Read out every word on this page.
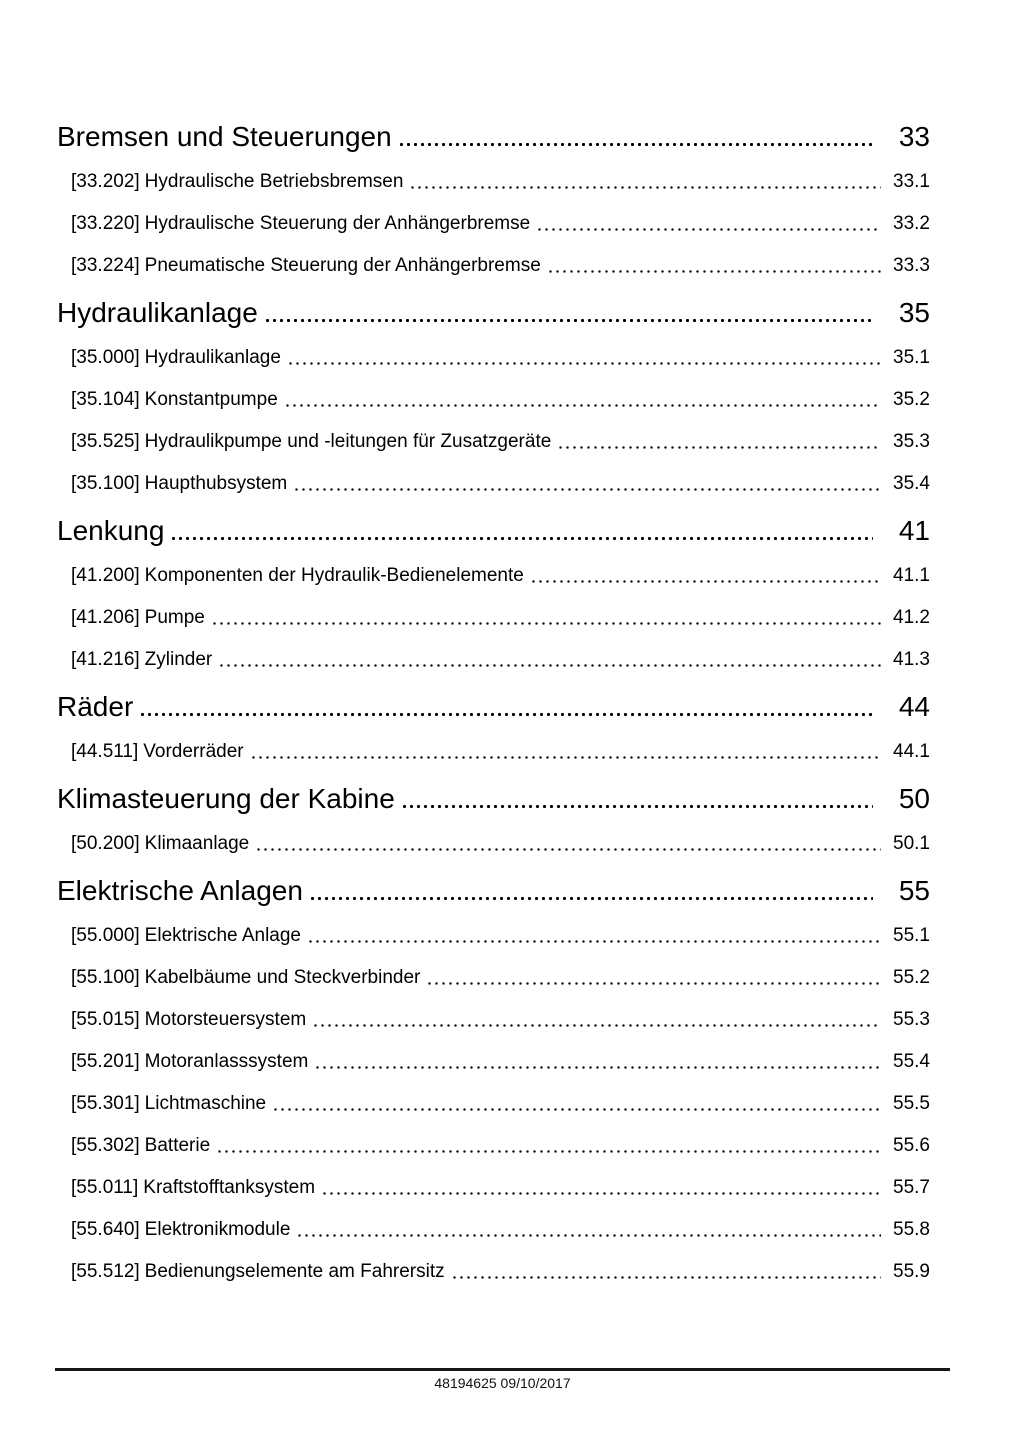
Bremsen und Steuerungen	33
[33.202] Hydraulische Betriebsbremsen	33.1
[33.220] Hydraulische Steuerung der Anhängerbremse	33.2
[33.224] Pneumatische Steuerung der Anhängerbremse	33.3
Hydraulikanlage	35
[35.000] Hydraulikanlage	35.1
[35.104] Konstantpumpe	35.2
[35.525] Hydraulikpumpe und -leitungen für Zusatzgeräte	35.3
[35.100] Haupthubsystem	35.4
Lenkung	41
[41.200] Komponenten der Hydraulik-Bedienelemente	41.1
[41.206] Pumpe	41.2
[41.216] Zylinder	41.3
Räder	44
[44.511] Vorderräder	44.1
Klimasteuerung der Kabine	50
[50.200] Klimaanlage	50.1
Elektrische Anlagen	55
[55.000] Elektrische Anlage	55.1
[55.100] Kabelbäume und Steckverbinder	55.2
[55.015] Motorsteuersystem	55.3
[55.201] Motoranlasssystem	55.4
[55.301] Lichtmaschine	55.5
[55.302] Batterie	55.6
[55.011] Kraftstofftanksystem	55.7
[55.640] Elektronikmodule	55.8
[55.512] Bedienungselemente am Fahrersitz	55.9
48194625 09/10/2017
